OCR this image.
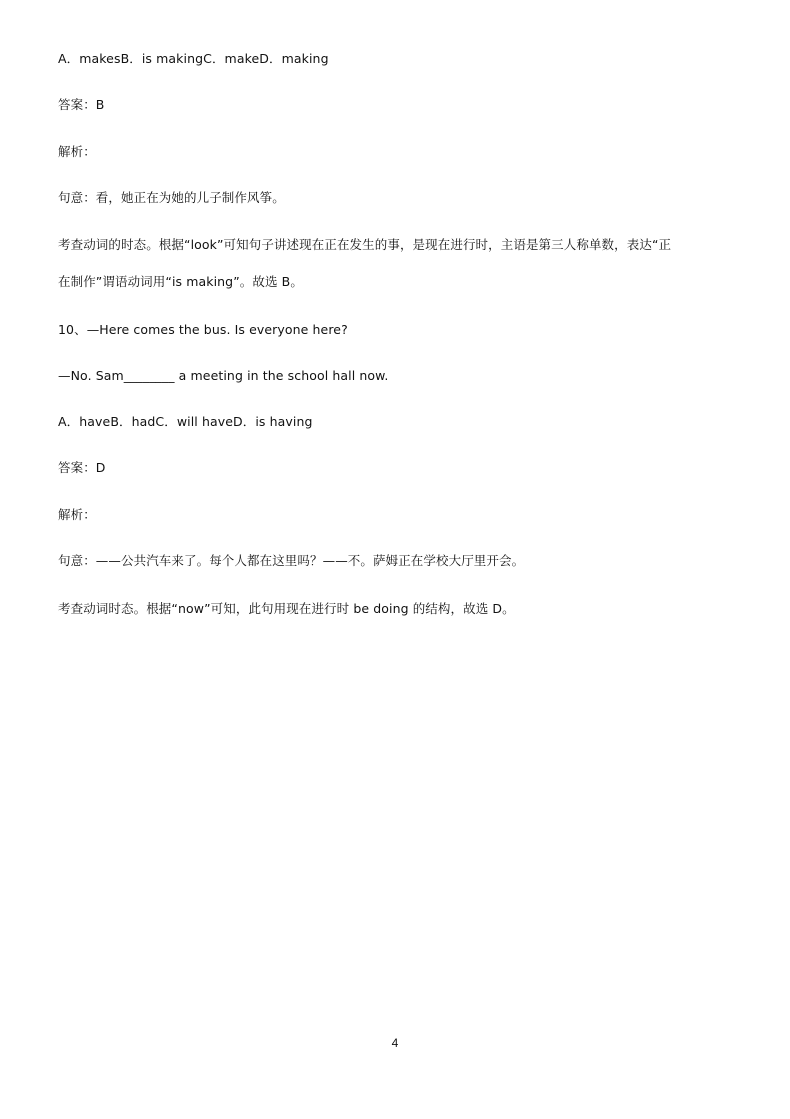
A．makesB．is makingC．makeD．making
答案：B
解析：
句意：看，她正在为她的儿子制作风筝。
考查动词的时态。根据“look”可知句子讲述现在正在发生的事，是现在进行时，主语是第三人称单数，表达“正
在制作”谓语动词用“is making”。故选 B。
10、—Here comes the bus. Is everyone here?
—No. Sam________ a meeting in the school hall now.
A．haveB．hadC．will haveD．is having
答案：D
解析：
句意：——公共汽车来了。每个人都在这里吗？——不。萨姆正在学校大厅里开会。
考查动词时态。根据“now”可知，此句用现在进行时 be doing 的结构，故选 D。
4
